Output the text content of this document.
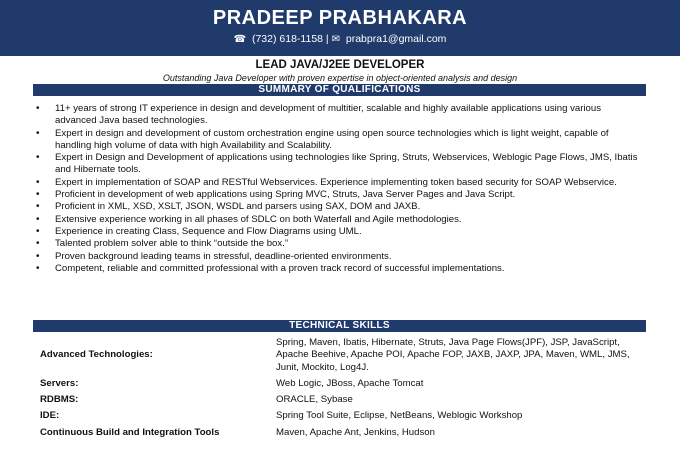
PRADEEP PRABHAKARA
☎ (732) 618-1158 | ✉ prabpra1@gmail.com
LEAD JAVA/J2EE DEVELOPER
Outstanding Java Developer with proven expertise in object-oriented analysis and design
SUMMARY OF QUALIFICATIONS
• 11+ years of strong IT experience in design and development of multitier, scalable and highly available applications using various advanced Java based technologies.
• Expert in design and development of custom orchestration engine using open source technologies which is light weight, capable of handling high volume of data with high Availability and Scalability.
• Expert in Design and Development of applications using technologies like Spring, Struts, Webservices, Weblogic Page Flows, JMS, Ibatis and Hibernate tools.
• Expert in implementation of SOAP and RESTful Webservices. Experience implementing token based security for SOAP Webservice.
• Proficient in development of web applications using Spring MVC, Struts, Java Server Pages and Java Script.
• Proficient in XML, XSD, XSLT, JSON, WSDL and parsers using SAX, DOM and JAXB.
• Extensive experience working in all phases of SDLC on both Waterfall and Agile methodologies.
• Experience in creating Class, Sequence and Flow Diagrams using UML.
• Talented problem solver able to think “outside the box.”
• Proven background leading teams in stressful, deadline-oriented environments.
• Competent, reliable and committed professional with a proven track record of successful implementations.
TECHNICAL SKILLS
Advanced Technologies:	Spring, Maven, Ibatis, Hibernate, Struts, Java Page Flows(JPF), JSP, JavaScript, Apache Beehive, Apache POI, Apache FOP, JAXB, JAXP, JPA, Maven, WML, JMS, Junit, Mockito, Log4J.
Servers:	Web Logic, JBoss, Apache Tomcat
RDBMS:	ORACLE, Sybase
IDE:	Spring Tool Suite, Eclipse, NetBeans, Weblogic Workshop
Continuous Build and Integration Tools	Maven, Apache Ant, Jenkins, Hudson
